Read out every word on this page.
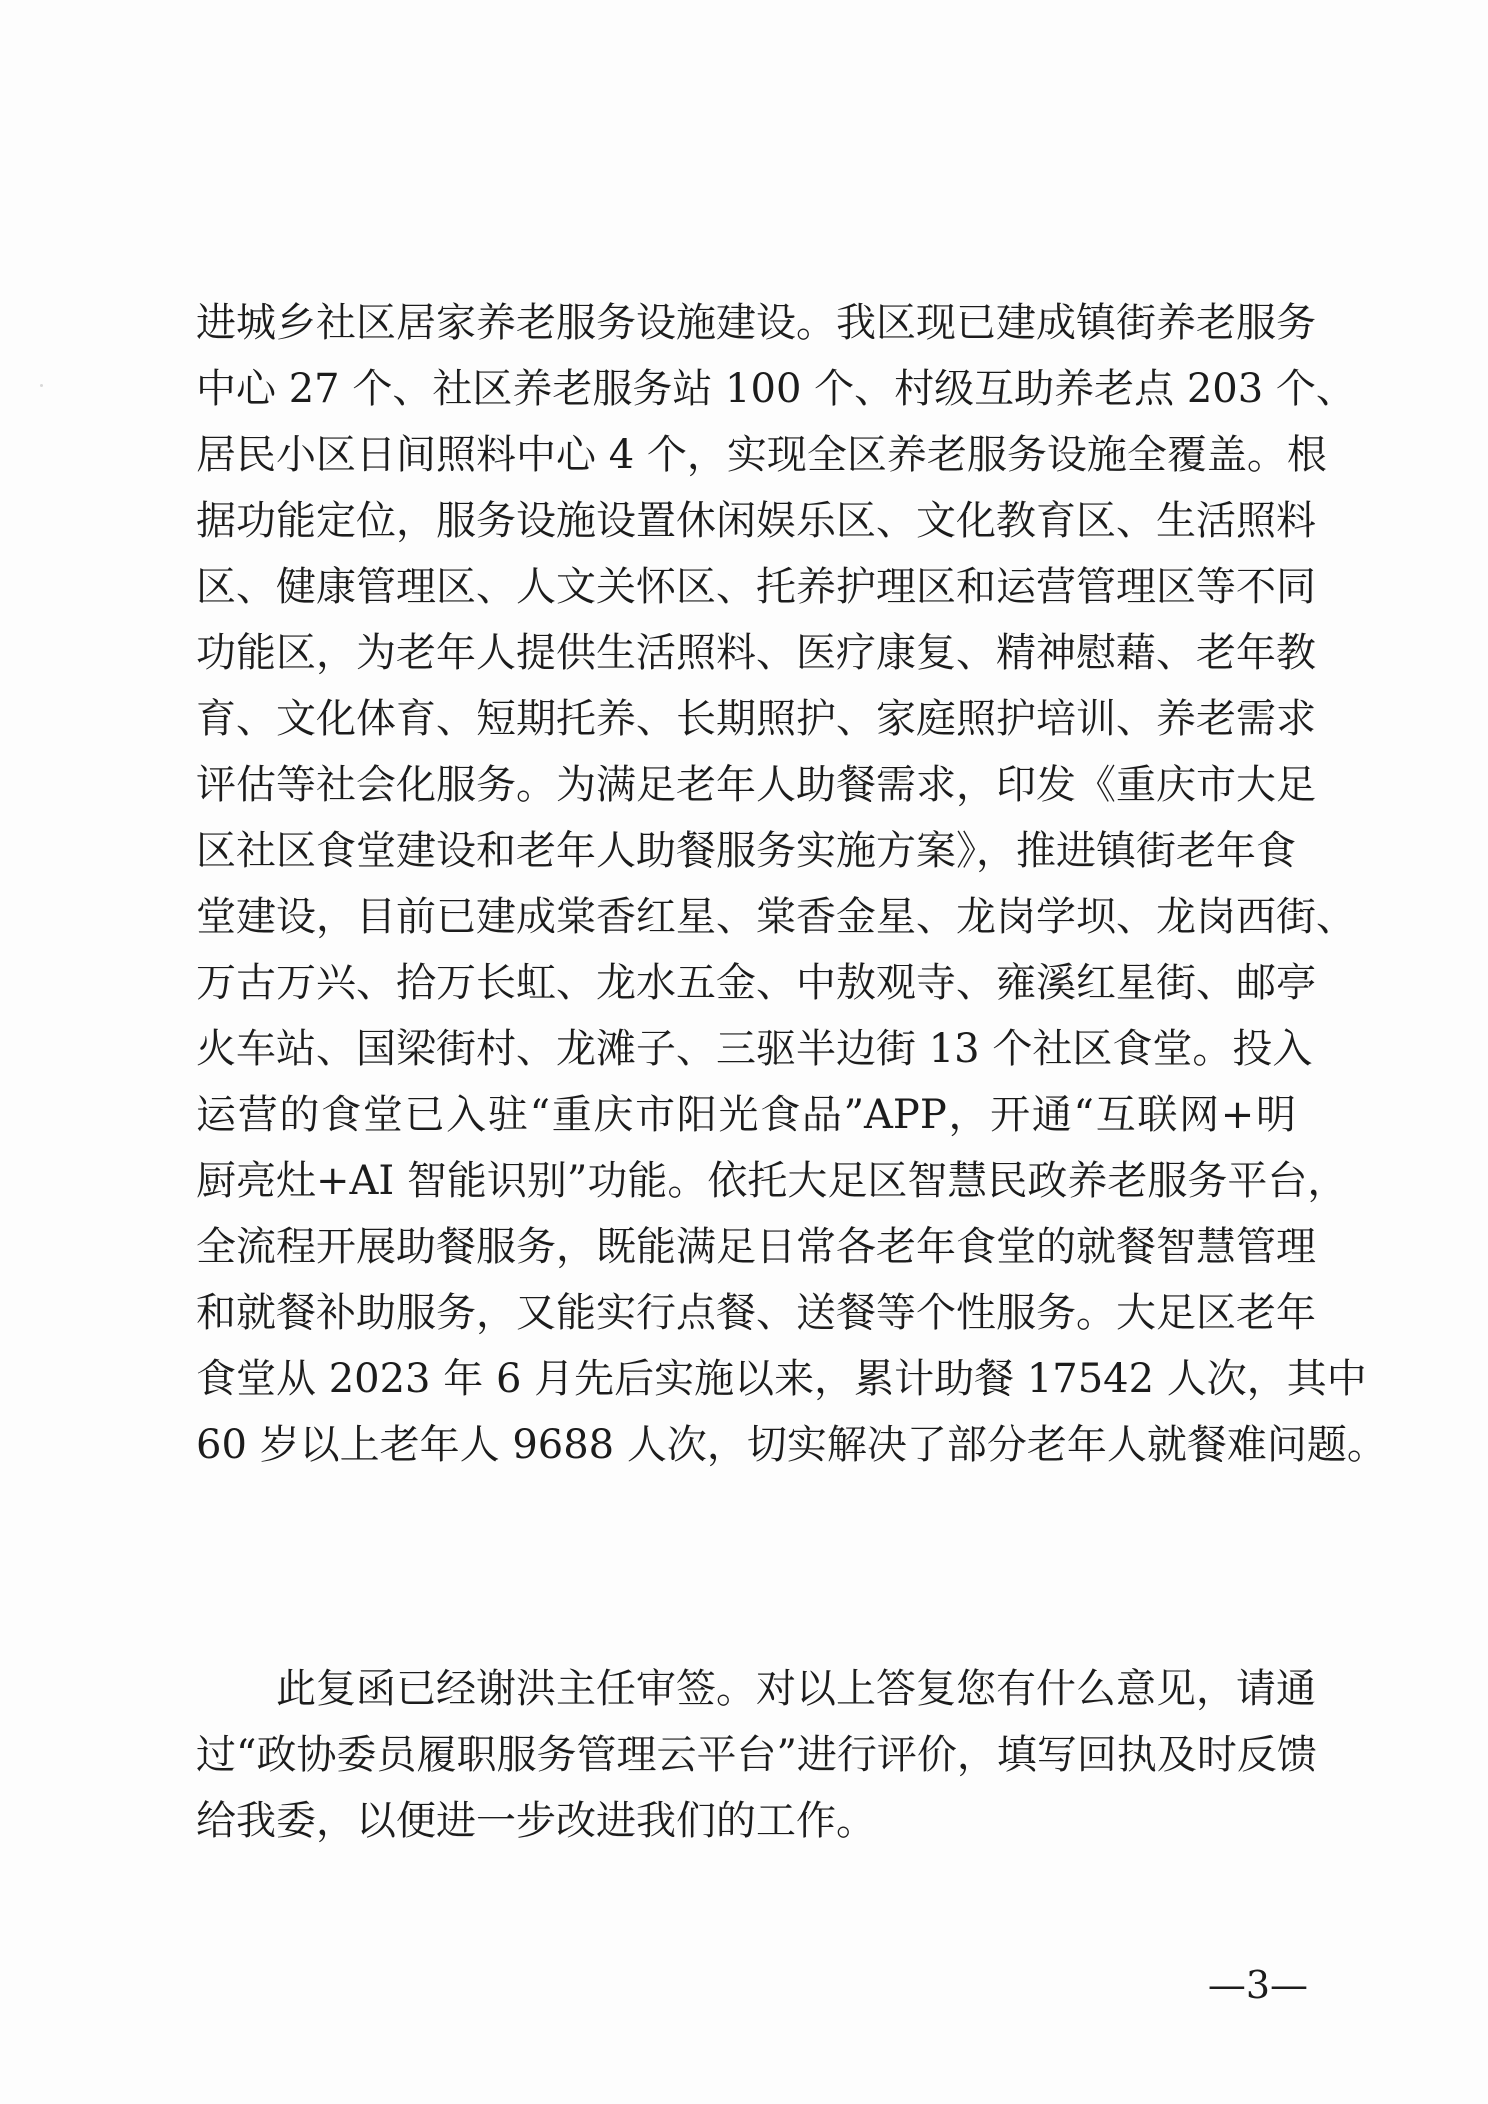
进城乡社区居家养老服务设施建设。我区现已建成镇街养老服务
中心 27 个、社区养老服务站 100 个、村级互助养老点 203 个、
居民小区日间照料中心 4 个，实现全区养老服务设施全覆盖。根
据功能定位，服务设施设置休闲娱乐区、文化教育区、生活照料
区、健康管理区、人文关怀区、托养护理区和运营管理区等不同
功能区，为老年人提供生活照料、医疗康复、精神慰藉、老年教
育、文化体育、短期托养、长期照护、家庭照护培训、养老需求
评估等社会化服务。为满足老年人助餐需求，印发《重庆市大足
区社区食堂建设和老年人助餐服务实施方案》，推进镇街老年食
堂建设，目前已建成棠香红星、棠香金星、龙岗学坝、龙岗西街、
万古万兴、拾万长虹、龙水五金、中敖观寺、雍溪红星街、邮亭
火车站、国梁街村、龙滩子、三驱半边街 13 个社区食堂。投入
运营的食堂已入驻“重庆市阳光食品”APP，开通“互联网+明
厨亮灶+AI 智能识别”功能。依托大足区智慧民政养老服务平台，
全流程开展助餐服务，既能满足日常各老年食堂的就餐智慧管理
和就餐补助服务，又能实行点餐、送餐等个性服务。大足区老年
食堂从 2023 年 6 月先后实施以来，累计助餐 17542 人次，其中
60 岁以上老年人 9688 人次，切实解决了部分老年人就餐难问题。
此复函已经谢洪主任审签。对以上答复您有什么意见，请通
过“政协委员履职服务管理云平台”进行评价，填写回执及时反馈
给我委，以便进一步改进我们的工作。
—3—
